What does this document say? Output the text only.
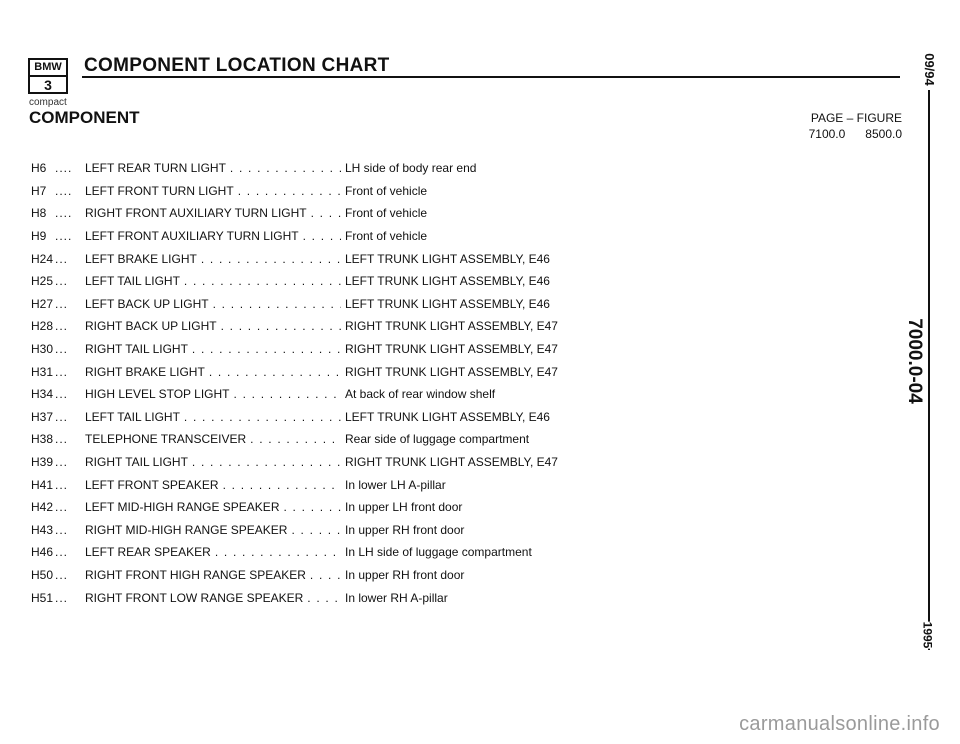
BMW
3
COMPONENT LOCATION CHART
compact
COMPONENT	PAGE – FIGURE
7100.0 8500.0
H6 ....	LEFT REAR TURN LIGHT . . .	LH side of body rear end
H7 ....	LEFT FRONT TURN LIGHT . . .	Front of vehicle
H8 ....	RIGHT FRONT AUXILIARY TURN LIGHT . . .	Front of vehicle
H9 ....	LEFT FRONT AUXILIARY TURN LIGHT . . .	Front of vehicle
H24 ...	LEFT BRAKE LIGHT . . .	LEFT TRUNK LIGHT ASSEMBLY, E46
H25 ...	LEFT TAIL LIGHT . . .	LEFT TRUNK LIGHT ASSEMBLY, E46
H27 ...	LEFT BACK UP LIGHT . . .	LEFT TRUNK LIGHT ASSEMBLY, E46
H28 ...	RIGHT BACK UP LIGHT . . .	RIGHT TRUNK LIGHT ASSEMBLY, E47
H30 ...	RIGHT TAIL LIGHT . . .	RIGHT TRUNK LIGHT ASSEMBLY, E47
H31 ...	RIGHT BRAKE LIGHT . . .	RIGHT TRUNK LIGHT ASSEMBLY, E47
H34 ...	HIGH LEVEL STOP LIGHT . . .	At back of rear window shelf
H37 ...	LEFT TAIL LIGHT . . .	LEFT TRUNK LIGHT ASSEMBLY, E46
H38 ...	TELEPHONE TRANSCEIVER . . .	Rear side of luggage compartment
H39 ...	RIGHT TAIL LIGHT . . .	RIGHT TRUNK LIGHT ASSEMBLY, E47
H41 ...	LEFT FRONT SPEAKER . . .	In lower LH A-pillar
H42 ...	LEFT MID-HIGH RANGE SPEAKER . . .	In upper LH front door
H43 ...	RIGHT MID-HIGH RANGE SPEAKER . . .	In upper RH front door
H46 ...	LEFT REAR SPEAKER . . .	In LH side of luggage compartment
H50 ...	RIGHT FRONT HIGH RANGE SPEAKER . . .	In upper RH front door
H51 ...	RIGHT FRONT LOW RANGE SPEAKER . . .	In lower RH A-pillar
09/94
7000.0-04
1995
carmanualsonline.info
